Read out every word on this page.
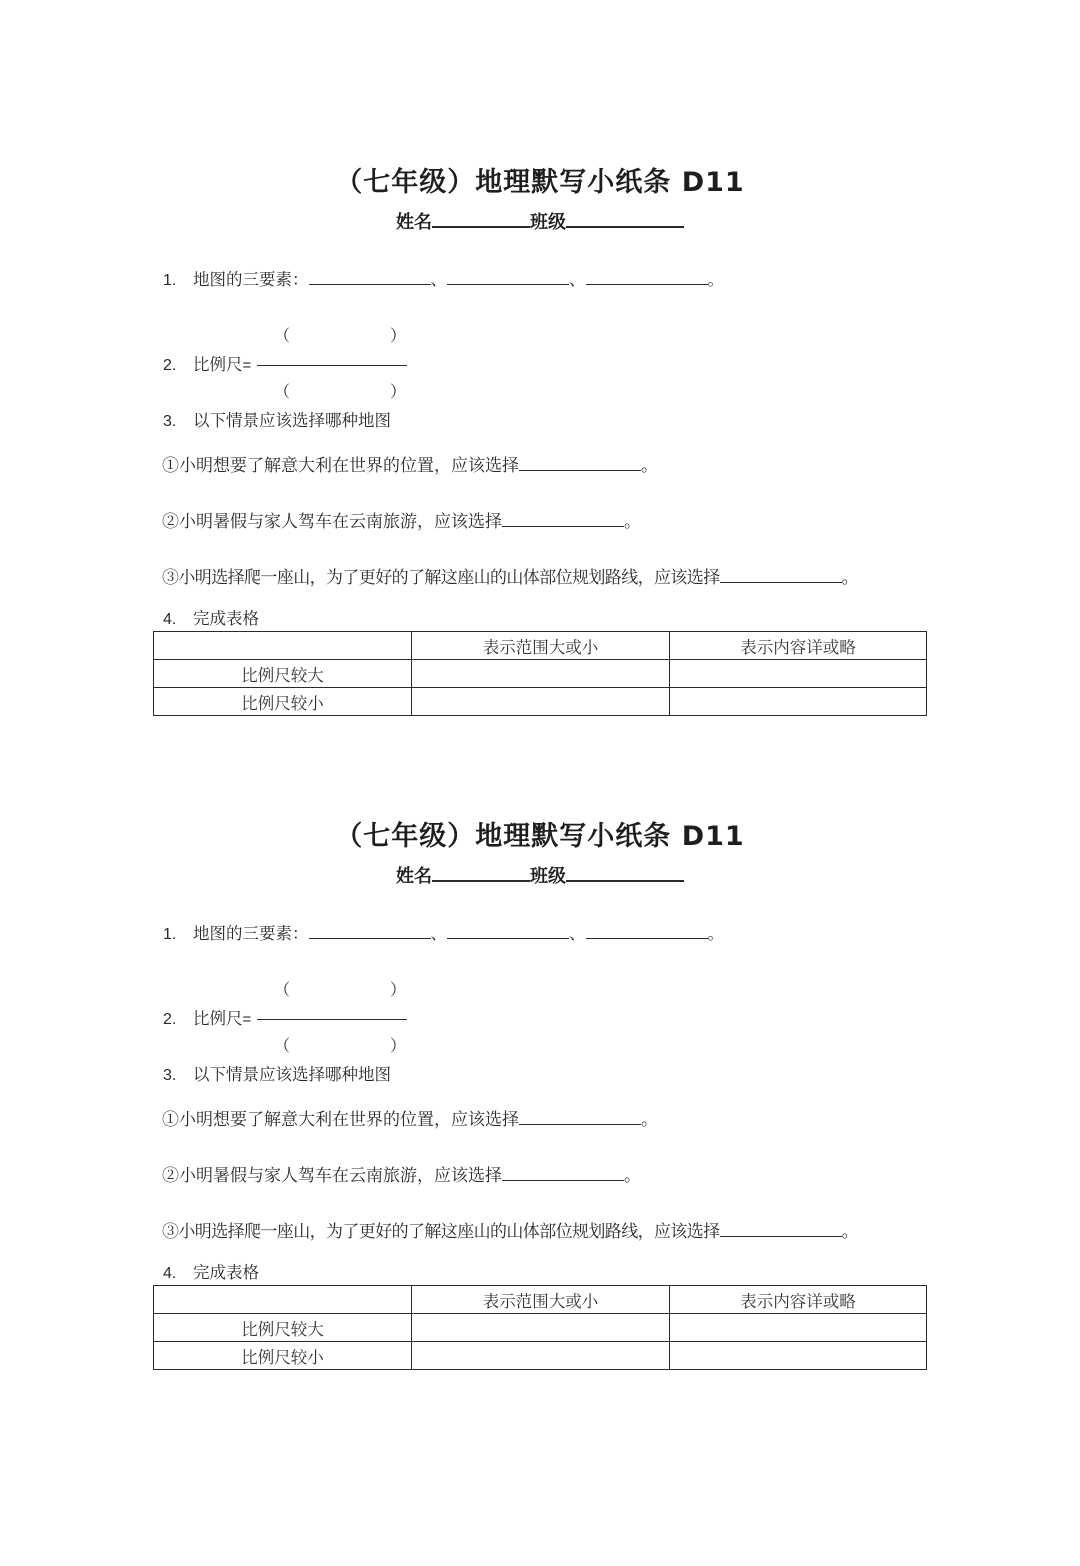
（七年级）地理默写小纸条 D11
姓名	班级
1. 地图的三要素：	、	、	。
（	）
2. 比例尺=
（	）
3. 以下情景应该选择哪种地图
①小明想要了解意大利在世界的位置，应该选择	。
②小明暑假与家人驾车在云南旅游，应该选择	。
③小明选择爬一座山，为了更好的了解这座山的山体部位规划路线，应该选择	。
4. 完成表格
	表示范围大或小	表示内容详或略
比例尺较大		
比例尺较小		
（七年级）地理默写小纸条 D11
姓名	班级
1. 地图的三要素：	、	、	。
（	）
2. 比例尺=
（	）
3. 以下情景应该选择哪种地图
①小明想要了解意大利在世界的位置，应该选择	。
②小明暑假与家人驾车在云南旅游，应该选择	。
③小明选择爬一座山，为了更好的了解这座山的山体部位规划路线，应该选择	。
4. 完成表格
	表示范围大或小	表示内容详或略
比例尺较大		
比例尺较小		
